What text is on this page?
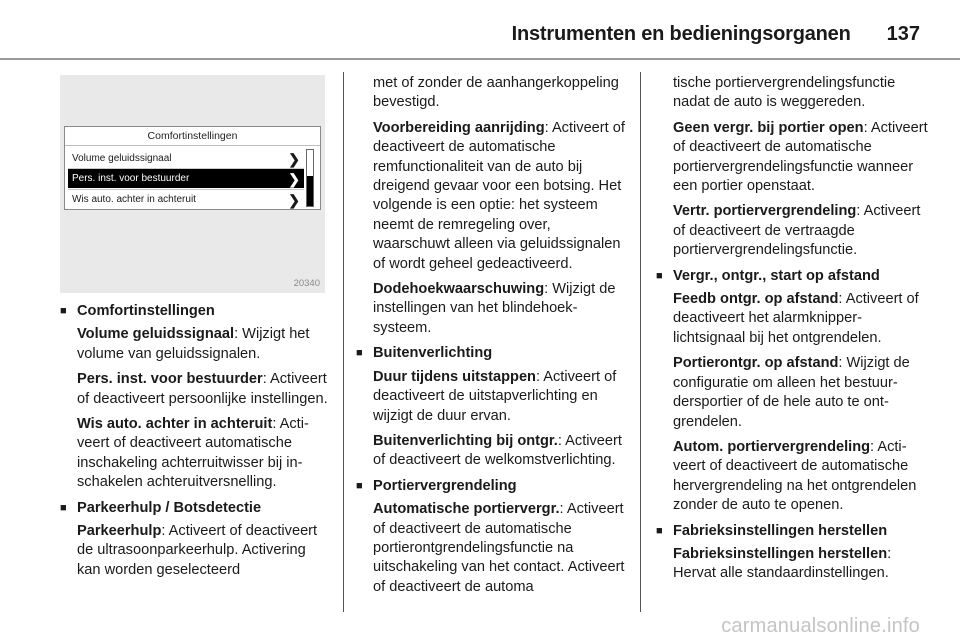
Instrumenten en bedieningsorganen 137
Comfortinstellingen
Volume geluidssignaal	❯
Pers. inst. voor bestuurder	❯
Wis auto. achter in achteruit	❯
20340
■ Comfortinstellingen
Volume geluidssignaal: Wijzigt het volume van geluidssignalen.
Pers. inst. voor bestuurder: Activeert of deactiveert persoonlijke instellingen.
Wis auto. achter in achteruit: Activeert of deactiveert automatische inschakeling achterruitwisser bij inschakelen achteruitversnelling.
■ Parkeerhulp / Botsdetectie
Parkeerhulp: Activeert of deactiveert de ultrasoonparkeerhulp. Activering kan worden geselecteerd
met of zonder de aanhangerkoppeling bevestigd.
Voorbereiding aanrijding: Activeert of deactiveert de automatische remfunctionaliteit van de auto bij dreigend gevaar voor een botsing. Het volgende is een optie: het systeem neemt de remregeling over, waarschuwt alleen via geluidssignalen of wordt geheel gedeactiveerd.
Dodehoekwaarschuwing: Wijzigt de instellingen van het blindehoeksysteem.
■ Buitenverlichting
Duur tijdens uitstappen: Activeert of deactiveert de uitstapverlichting en wijzigt de duur ervan.
Buitenverlichting bij ontgr.: Activeert of deactiveert de welkomstverlichting.
■ Portiervergrendeling
Automatische portiervergr.: Activeert of deactiveert de automatische portierontgrendelingsfunctie na uitschakeling van het contact. Activeert of deactiveert de automa
tische portiervergrendelingsfunctie nadat de auto is weggereden.
Geen vergr. bij portier open: Activeert of deactiveert de automatische portiervergrendelingsfunctie wanneer een portier openstaat.
Vertr. portiervergrendeling: Activeert of deactiveert de vertraagde portiervergrendelingsfunctie.
■ Vergr., ontgr., start op afstand
Feedb ontgr. op afstand: Activeert of deactiveert het alarmknipperlichtsignaal bij het ontgrendelen.
Portierontgr. op afstand: Wijzigt de configuratie om alleen het bestuurdersportier of de hele auto te ontgrendelen.
Autom. portiervergrendeling: Activeert of deactiveert de automatische hervergrendeling na het ontgrendelen zonder de auto te openen.
■ Fabrieksinstellingen herstellen
Fabrieksinstellingen herstellen: Hervat alle standaardinstellingen.
carmanualsonline.info
